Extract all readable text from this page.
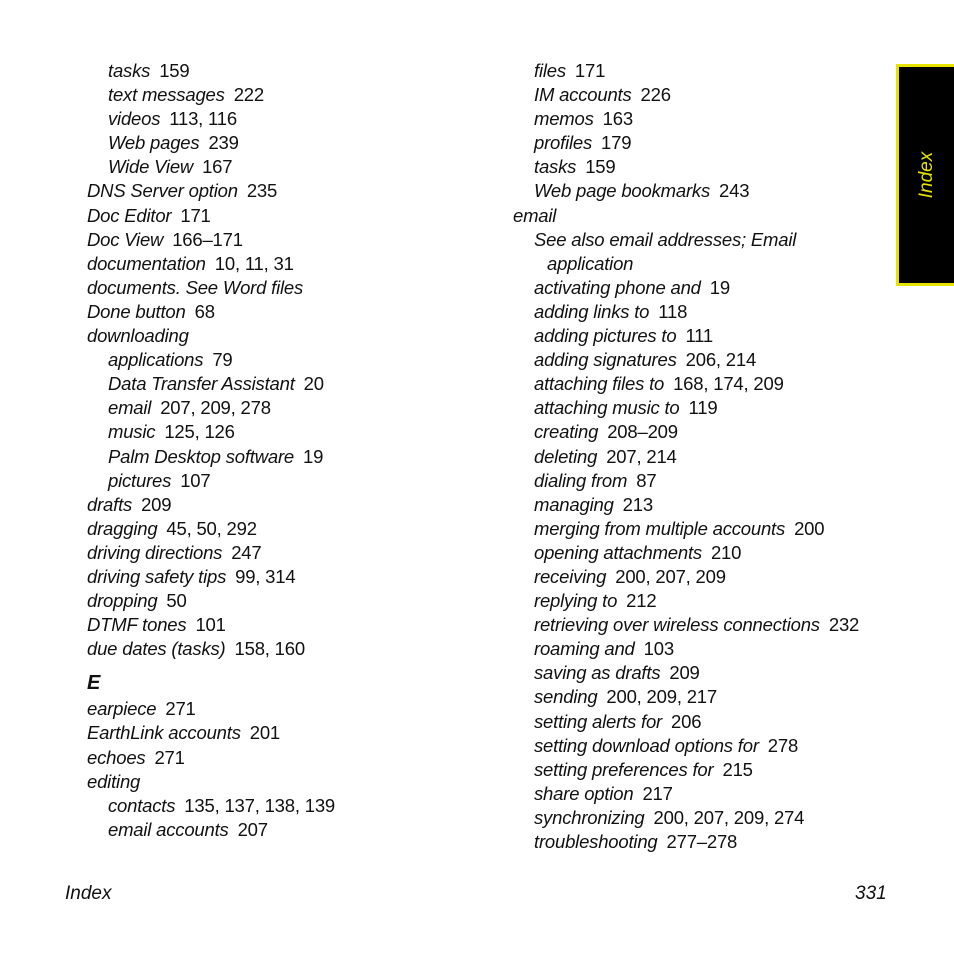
tasks 159
text messages 222
videos 113, 116
Web pages 239
Wide View 167
DNS Server option 235
Doc Editor 171
Doc View 166–171
documentation 10, 11, 31
documents. See Word files
Done button 68
downloading
applications 79
Data Transfer Assistant 20
email 207, 209, 278
music 125, 126
Palm Desktop software 19
pictures 107
drafts 209
dragging 45, 50, 292
driving directions 247
driving safety tips 99, 314
dropping 50
DTMF tones 101
due dates (tasks) 158, 160
E
earpiece 271
EarthLink accounts 201
echoes 271
editing
contacts 135, 137, 138, 139
email accounts 207
files 171
IM accounts 226
memos 163
profiles 179
tasks 159
Web page bookmarks 243
email
See also email addresses; Email
application
activating phone and 19
adding links to 118
adding pictures to 111
adding signatures 206, 214
attaching files to 168, 174, 209
attaching music to 119
creating 208–209
deleting 207, 214
dialing from 87
managing 213
merging from multiple accounts 200
opening attachments 210
receiving 200, 207, 209
replying to 212
retrieving over wireless connections 232
roaming and 103
saving as drafts 209
sending 200, 209, 217
setting alerts for 206
setting download options for 278
setting preferences for 215
share option 217
synchronizing 200, 207, 209, 274
troubleshooting 277–278
Index
Index	331
